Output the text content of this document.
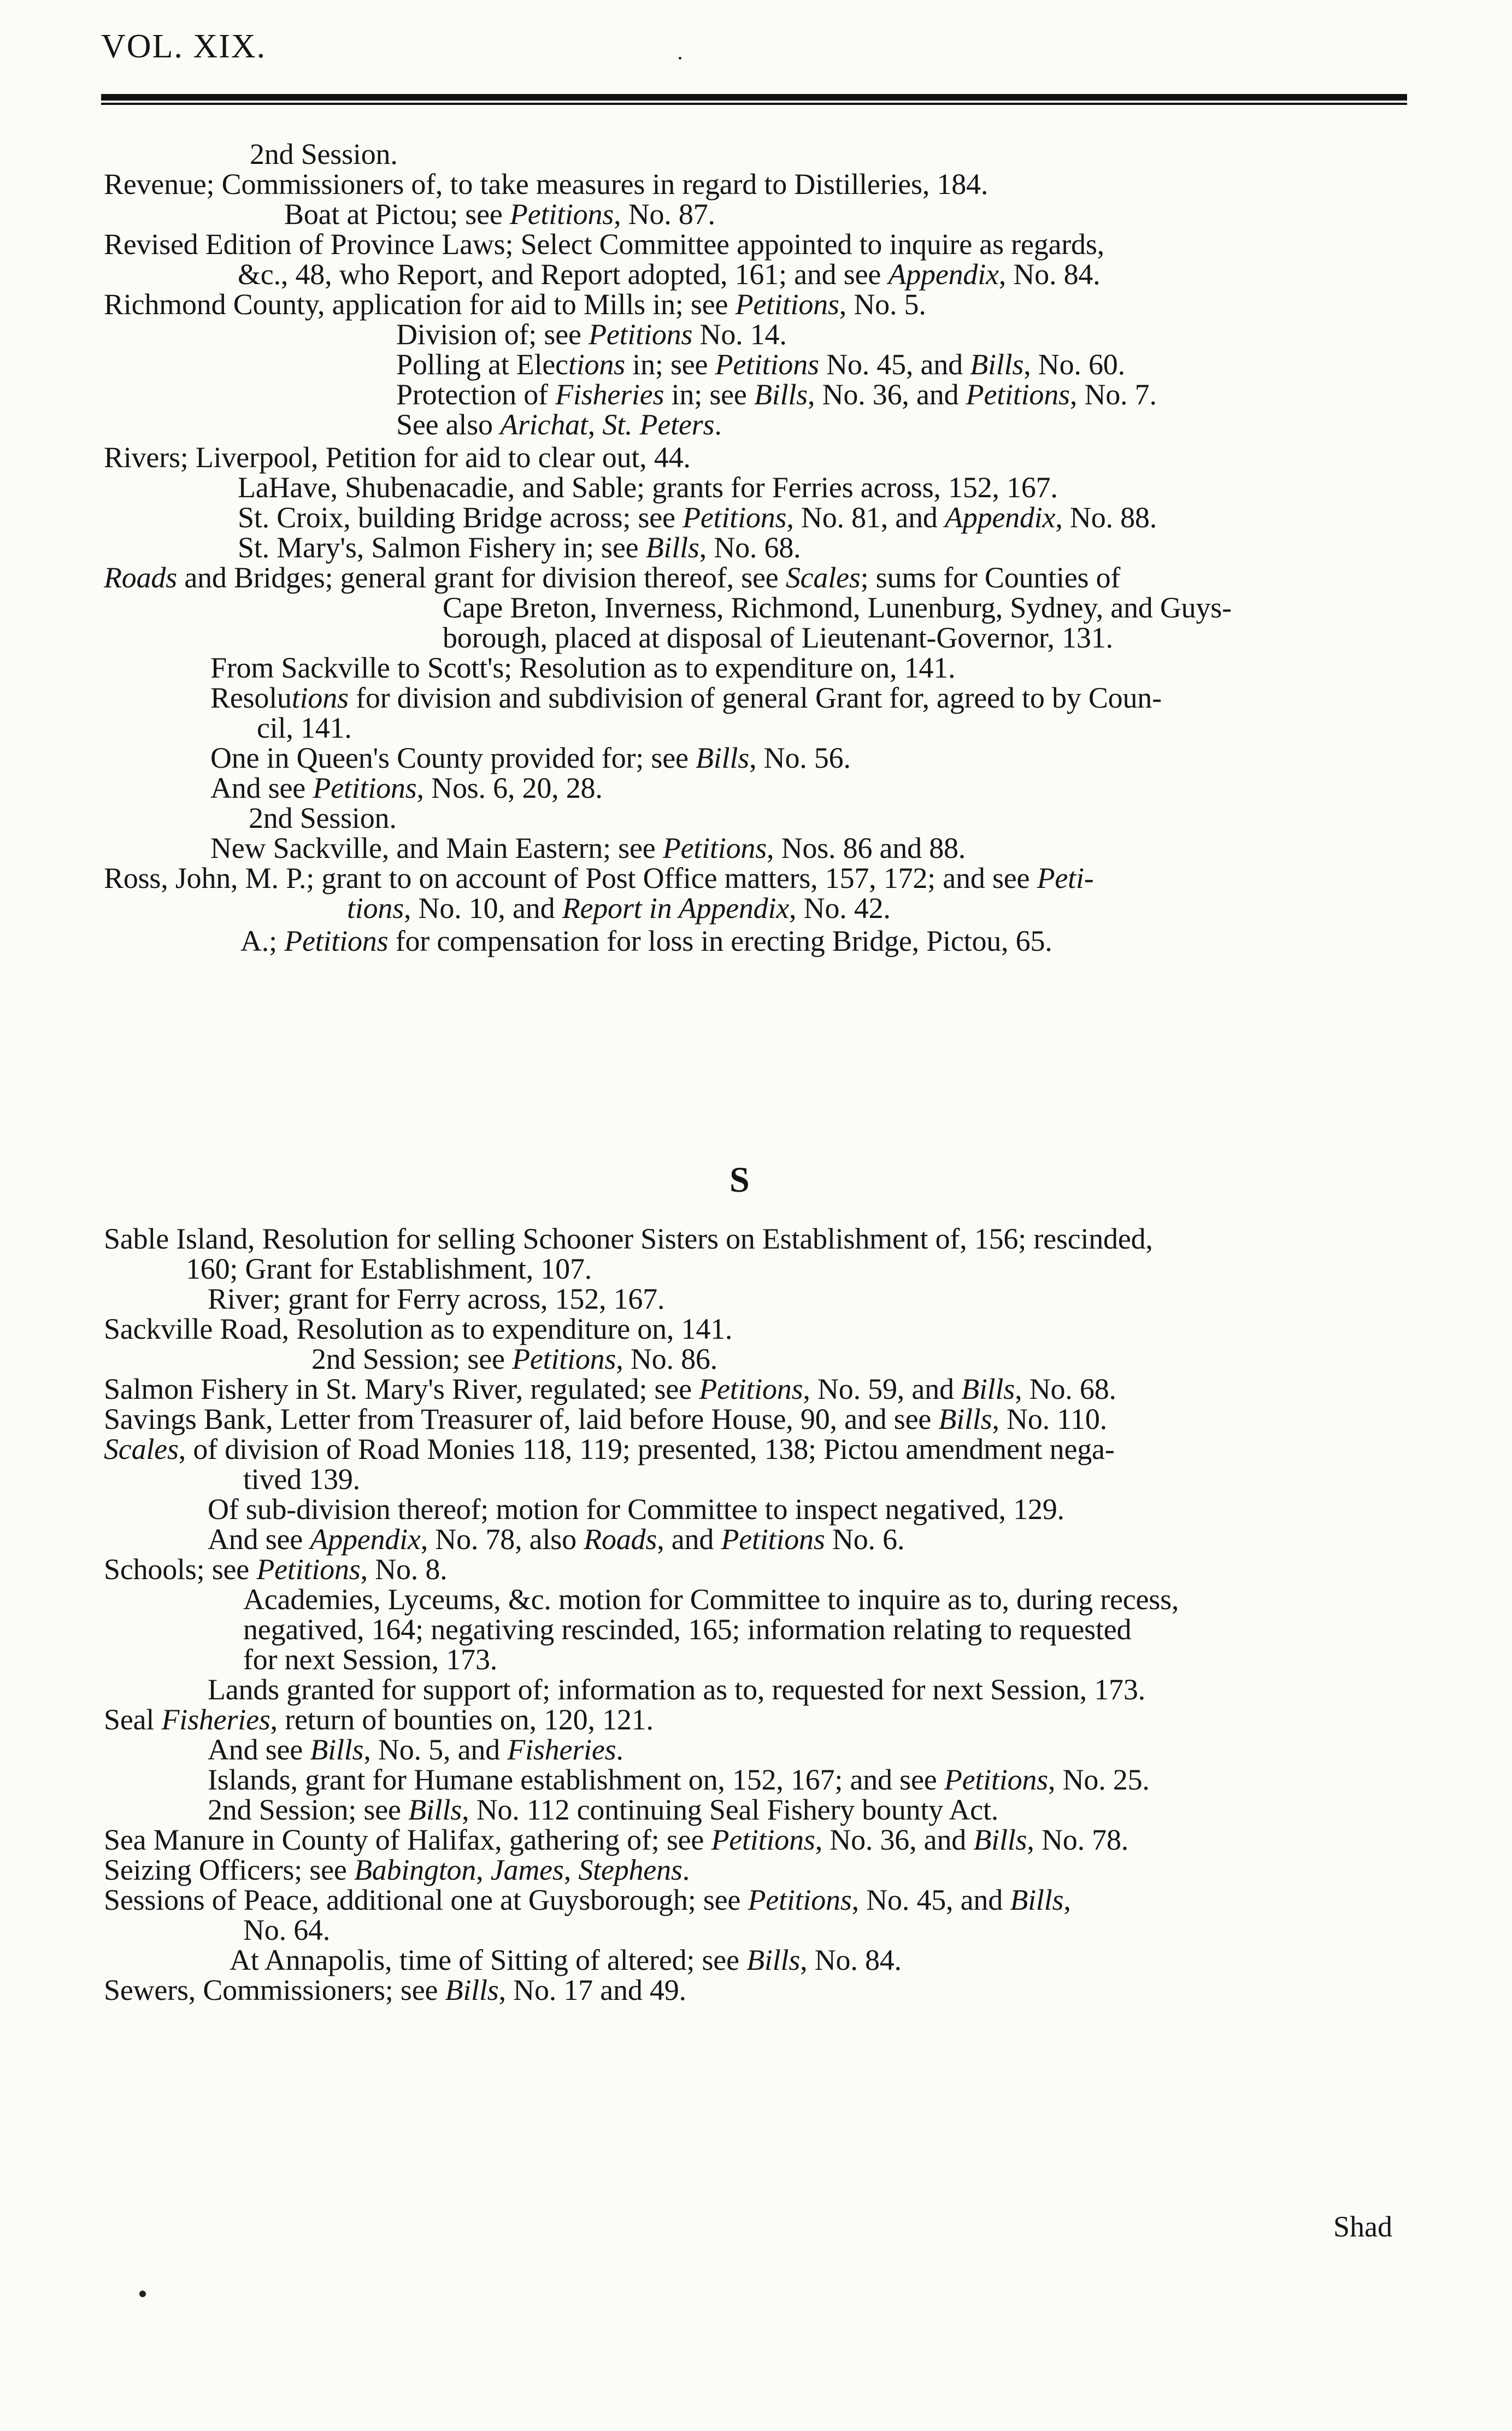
VOL. XIX.
2nd Session.
Revenue; Commissioners of, to take measures in regard to Distilleries, 184.
Boat at Pictou; see Petitions, No. 87.
Revised Edition of Province Laws; Select Committee appointed to inquire as regards,
&c., 48, who Report, and Report adopted, 161; and see Appendix, No. 84.
Richmond County, application for aid to Mills in; see Petitions, No. 5.
Division of; see Petitions No. 14.
Polling at Elections in; see Petitions No. 45, and Bills, No. 60.
Protection of Fisheries in; see Bills, No. 36, and Petitions, No. 7.
See also Arichat, St. Peters.
Rivers; Liverpool, Petition for aid to clear out, 44.
LaHave, Shubenacadie, and Sable; grants for Ferries across, 152, 167.
St. Croix, building Bridge across; see Petitions, No. 81, and Appendix, No. 88.
St. Mary's, Salmon Fishery in; see Bills, No. 68.
Roads and Bridges; general grant for division thereof, see Scales; sums for Counties of
Cape Breton, Inverness, Richmond, Lunenburg, Sydney, and Guys-
borough, placed at disposal of Lieutenant-Governor, 131.
From Sackville to Scott's; Resolution as to expenditure on, 141.
Resolutions for division and subdivision of general Grant for, agreed to by Coun-
cil, 141.
One in Queen's County provided for; see Bills, No. 56.
And see Petitions, Nos. 6, 20, 28.
2nd Session.
New Sackville, and Main Eastern; see Petitions, Nos. 86 and 88.
Ross, John, M. P.; grant to on account of Post Office matters, 157, 172; and see Peti-
tions, No. 10, and Report in Appendix, No. 42.
A.; Petitions for compensation for loss in erecting Bridge, Pictou, 65.
S
Sable Island, Resolution for selling Schooner Sisters on Establishment of, 156; rescinded,
160; Grant for Establishment, 107.
River; grant for Ferry across, 152, 167.
Sackville Road, Resolution as to expenditure on, 141.
2nd Session; see Petitions, No. 86.
Salmon Fishery in St. Mary's River, regulated; see Petitions, No. 59, and Bills, No. 68.
Savings Bank, Letter from Treasurer of, laid before House, 90, and see Bills, No. 110.
Scales, of division of Road Monies 118, 119; presented, 138; Pictou amendment nega-
tived 139.
Of sub-division thereof; motion for Committee to inspect negatived, 129.
And see Appendix, No. 78, also Roads, and Petitions No. 6.
Schools; see Petitions, No. 8.
Academies, Lyceums, &c. motion for Committee to inquire as to, during recess,
negatived, 164; negativing rescinded, 165; information relating to requested
for next Session, 173.
Lands granted for support of; information as to, requested for next Session, 173.
Seal Fisheries, return of bounties on, 120, 121.
And see Bills, No. 5, and Fisheries.
Islands, grant for Humane establishment on, 152, 167; and see Petitions, No. 25.
2nd Session; see Bills, No. 112 continuing Seal Fishery bounty Act.
Sea Manure in County of Halifax, gathering of; see Petitions, No. 36, and Bills, No. 78.
Seizing Officers; see Babington, James, Stephens.
Sessions of Peace, additional one at Guysborough; see Petitions, No. 45, and Bills,
No. 64.
At Annapolis, time of Sitting of altered; see Bills, No. 84.
Sewers, Commissioners; see Bills, No. 17 and 49.
Shad
